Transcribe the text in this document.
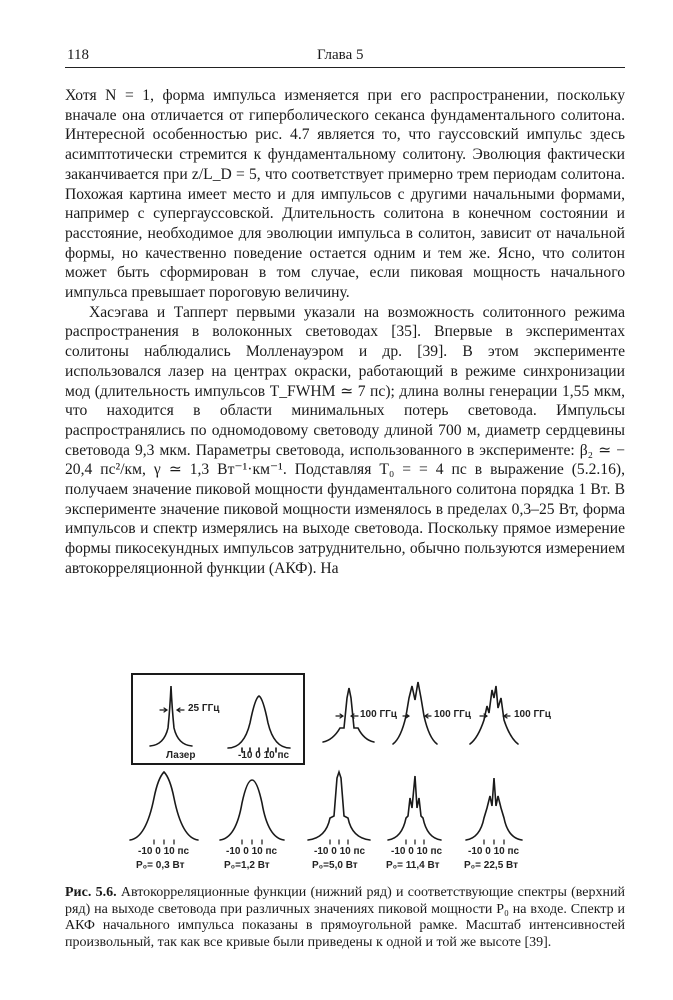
118	Глава 5

Хотя N = 1, форма импульса изменяется при его распространении, поскольку вначале она отличается от гиперболического секанса фундаментального солитона. Интересной особенностью рис. 4.7 является то, что гауссовский импульс здесь асимптотически стремится к фундаментальному солитону. Эволюция фактически заканчивается при z/L_D = 5, что соответствует примерно трем периодам солитона. Похожая картина имеет место и для импульсов с другими начальными формами, например с супергауссовской. Длительность солитона в конечном состоянии и расстояние, необходимое для эволюции импульса в солитон, зависит от начальной формы, но качественно поведение остается одним и тем же. Ясно, что солитон может быть сформирован в том случае, если пиковая мощность начального импульса превышает пороговую величину.

Хасэгава и Тапперт первыми указали на возможность солитонного режима распространения в волоконных световодах [35]. Впервые в экспериментах солитоны наблюдались Молленауэром и др. [39]. В этом эксперименте использовался лазер на центрах окраски, работающий в режиме синхронизации мод (длительность импульсов T_FWHM ≃ 7 пс); длина волны генерации 1,55 мкм, что находится в области минимальных потерь световода. Импульсы распространялись по одномодовому световоду длиной 700 м, диаметр сердцевины световода 9,3 мкм. Параметры световода, использованного в эксперименте: β₂ ≃ − 20,4 пс²/км, γ ≃ 1,3 Вт⁻¹·км⁻¹. Подставляя T₀ = = 4 пс в выражение (5.2.16), получаем значение пиковой мощности фундаментального солитона порядка 1 Вт. В эксперименте значение пиковой мощности изменялось в пределах 0,3–25 Вт, форма импульсов и спектр измерялись на выходе световода. Поскольку прямое измерение формы пикосекундных импульсов затруднительно, обычно пользуются измерением автокорреляционной функции (АКФ). На

25 ГГц
Лазер	-10 0 10 пс
100 ГГц	100 ГГц	100 ГГц
-10 0 10 пс	-10 0 10 пс	-10 0 10 пс	-10 0 10 пс	-10 0 10 пс
P₀= 0,3 Вт	P₀=1,2 Вт	P₀=5,0 Вт	P₀= 11,4 Вт P₀= 22,5 Вт
Рис. 5.6. Автокорреляционные функции (нижний ряд) и соответствующие спектры (верхний ряд) на выходе световода при различных значениях пиковой мощности P₀ на входе. Спектр и АКФ начального импульса показаны в прямоугольной рамке. Масштаб интенсивностей произвольный, так как все кривые были приведены к одной и той же высоте [39].
